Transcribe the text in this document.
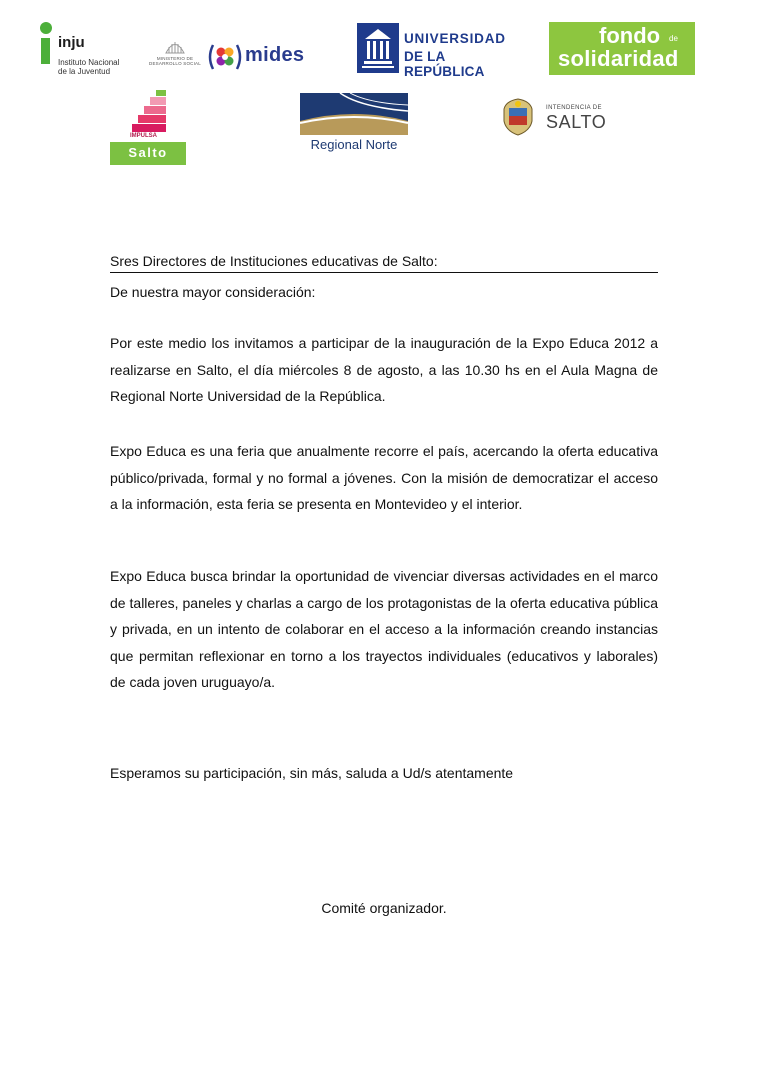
inju
Instituto Nacional
de la Juventud
MINISTERIO DE
DESARROLLO SOCIAL mides
UNIVERSIDAD
DE LA REPÚBLICA
fondo de
solidaridad
IMPULSA
Salto
Regional Norte
INTENDENCIA DE
SALTO
Sres Directores de Instituciones educativas de Salto:
De nuestra mayor consideración:
Por este medio los invitamos a participar de la inauguración de la Expo Educa 2012 a realizarse en Salto, el día miércoles 8 de agosto, a las 10.30 hs en el Aula Magna de Regional Norte Universidad de la República.
Expo Educa es una feria que anualmente recorre el país, acercando la oferta educativa público/privada, formal y no formal a jóvenes. Con la misión de democratizar el acceso a la información, esta feria se presenta en Montevideo y el interior.
Expo Educa busca brindar la oportunidad de vivenciar diversas actividades en el marco de talleres, paneles y charlas a cargo de los protagonistas de la oferta educativa pública y privada, en un intento de colaborar en el acceso a la información creando instancias que permitan reflexionar en torno a los trayectos individuales (educativos y laborales) de cada joven uruguayo/a.
Esperamos su participación, sin más, saluda a Ud/s atentamente
Comité organizador.
